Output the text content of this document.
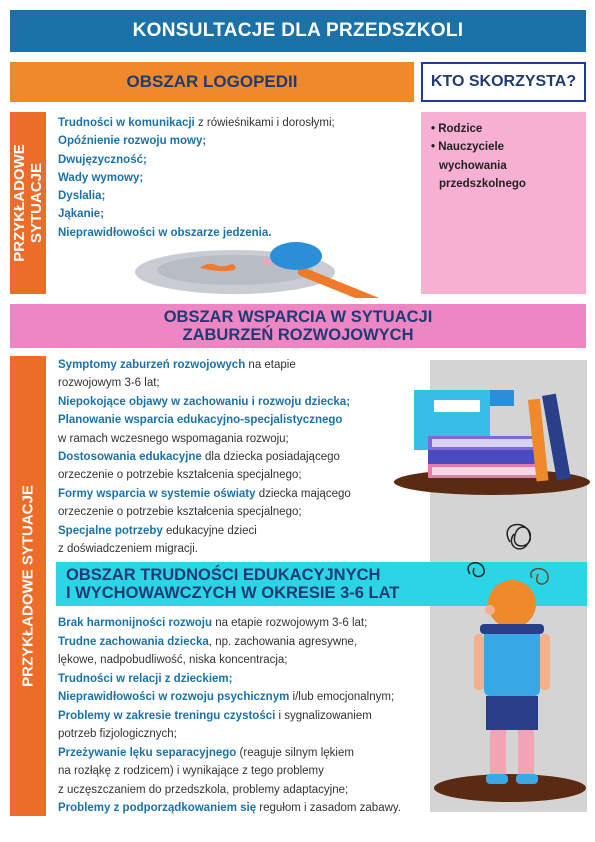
KONSULTACJE DLA PRZEDSZKOLI
OBSZAR LOGOPEDII	KTO SKORZYSTA?
PRZYKŁADOWE SYTUACJE
Trudności w komunikacji z rówieśnikami i dorosłymi;
Opóźnienie rozwoju mowy;
Dwujęzyczność;
Wady wymowy;
Dyslalia;
Jąkanie;
Nieprawidłowości w obszarze jedzenia.
• Rodzice
• Nauczyciele
wychowania
przedszkolnego
OBSZAR WSPARCIA W SYTUACJI
ZABURZEŃ ROZWOJOWYCH
PRZYKŁADOWE SYTUACJE
Symptomy zaburzeń rozwojowych na etapie
rozwojowym 3-6 lat;
Niepokojące objawy w zachowaniu i rozwoju dziecka;
Planowanie wsparcia edukacyjno-specjalistycznego
w ramach wczesnego wspomagania rozwoju;
Dostosowania edukacyjne dla dziecka posiadającego
orzeczenie o potrzebie kształcenia specjalnego;
Formy wsparcia w systemie oświaty dziecka mającego
orzeczenie o potrzebie kształcenia specjalnego;
Specjalne potrzeby edukacyjne dzieci
z doświadczeniem migracji.
OBSZAR TRUDNOŚCI EDUKACYJNYCH
I WYCHOWAWCZYCH W OKRESIE 3-6 LAT
Brak harmonijności rozwoju na etapie rozwojowym 3-6 lat;
Trudne zachowania dziecka, np. zachowania agresywne,
lękowe, nadpobudliwość, niska koncentracja;
Trudności w relacji z dzieckiem;
Nieprawidłowości w rozwoju psychicznym i/lub emocjonalnym;
Problemy w zakresie treningu czystości i sygnalizowaniem
potrzeb fizjologicznych;
Przeżywanie lęku separacyjnego (reaguje silnym lękiem
na rozłąkę z rodzicem) i wynikające z tego problemy
z uczęszczaniem do przedszkola, problemy adaptacyjne;
Problemy z podporządkowaniem się regułom i zasadom zabawy.
